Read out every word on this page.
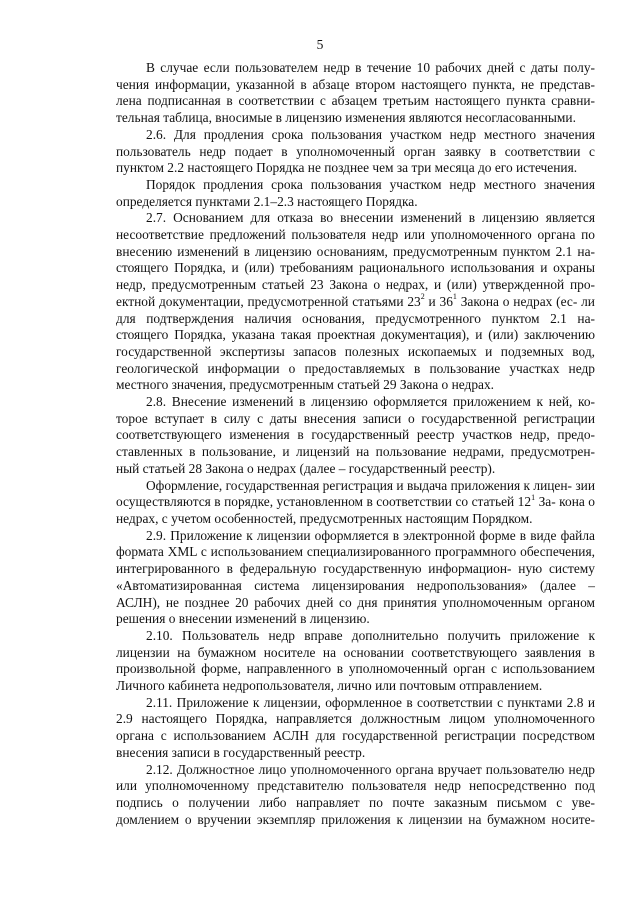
5

В случае если пользователем недр в течение 10 рабочих дней с даты полу- чения информации, указанной в абзаце втором настоящего пункта, не представ- лена подписанная в соответствии с абзацем третьим настоящего пункта сравни- тельная таблица, вносимые в лицензию изменения являются несогласованными.

2.6. Для продления срока пользования участком недр местного значения пользователь недр подает в уполномоченный орган заявку в соответствии с пунктом 2.2 настоящего Порядка не позднее чем за три месяца до его истечения.

Порядок продления срока пользования участком недр местного значения определяется пунктами 2.1–2.3 настоящего Порядка.

2.7. Основанием для отказа во внесении изменений в лицензию является несоответствие предложений пользователя недр или уполномоченного органа по внесению изменений в лицензию основаниям, предусмотренным пунктом 2.1 на- стоящего Порядка, и (или) требованиям рационального использования и охраны недр, предусмотренным статьей 23 Закона о недрах, и (или) утвержденной про- ектной документации, предусмотренной статьями $23^2$ и $36^1$ Закона о недрах (ес- ли для подтверждения наличия основания, предусмотренного пунктом 2.1 на- стоящего Порядка, указана такая проектная документация), и (или) заключению государственной экспертизы запасов полезных ископаемых и подземных вод, геологической информации о предоставляемых в пользование участках недр местного значения, предусмотренным статьей 29 Закона о недрах.

2.8. Внесение изменений в лицензию оформляется приложением к ней, ко- торое вступает в силу с даты внесения записи о государственной регистрации соответствующего изменения в государственный реестр участков недр, предо- ставленных в пользование, и лицензий на пользование недрами, предусмотрен- ный статьей 28 Закона о недрах (далее – государственный реестр).

Оформление, государственная регистрация и выдача приложения к лицен- зии осуществляются в порядке, установленном в соответствии со статьей $12^1$ За- кона о недрах, с учетом особенностей, предусмотренных настоящим Порядком.

2.9. Приложение к лицензии оформляется в электронной форме в виде файла формата XML с использованием специализированного программного обеспечения, интегрированного в федеральную государственную информацион- ную систему «Автоматизированная система лицензирования недропользования» (далее – АСЛН), не позднее 20 рабочих дней со дня принятия уполномоченным органом решения о внесении изменений в лицензию.

2.10. Пользователь недр вправе дополнительно получить приложение к лицензии на бумажном носителе на основании соответствующего заявления в произвольной форме, направленного в уполномоченный орган с использованием Личного кабинета недропользователя, лично или почтовым отправлением.

2.11. Приложение к лицензии, оформленное в соответствии с пунктами 2.8 и 2.9 настоящего Порядка, направляется должностным лицом уполномоченного органа с использованием АСЛН для государственной регистрации посредством внесения записи в государственный реестр.

2.12. Должностное лицо уполномоченного органа вручает пользователю недр или уполномоченному представителю пользователя недр непосредственно под подпись о получении либо направляет по почте заказным письмом с уве- домлением о вручении экземпляр приложения к лицензии на бумажном носите-
